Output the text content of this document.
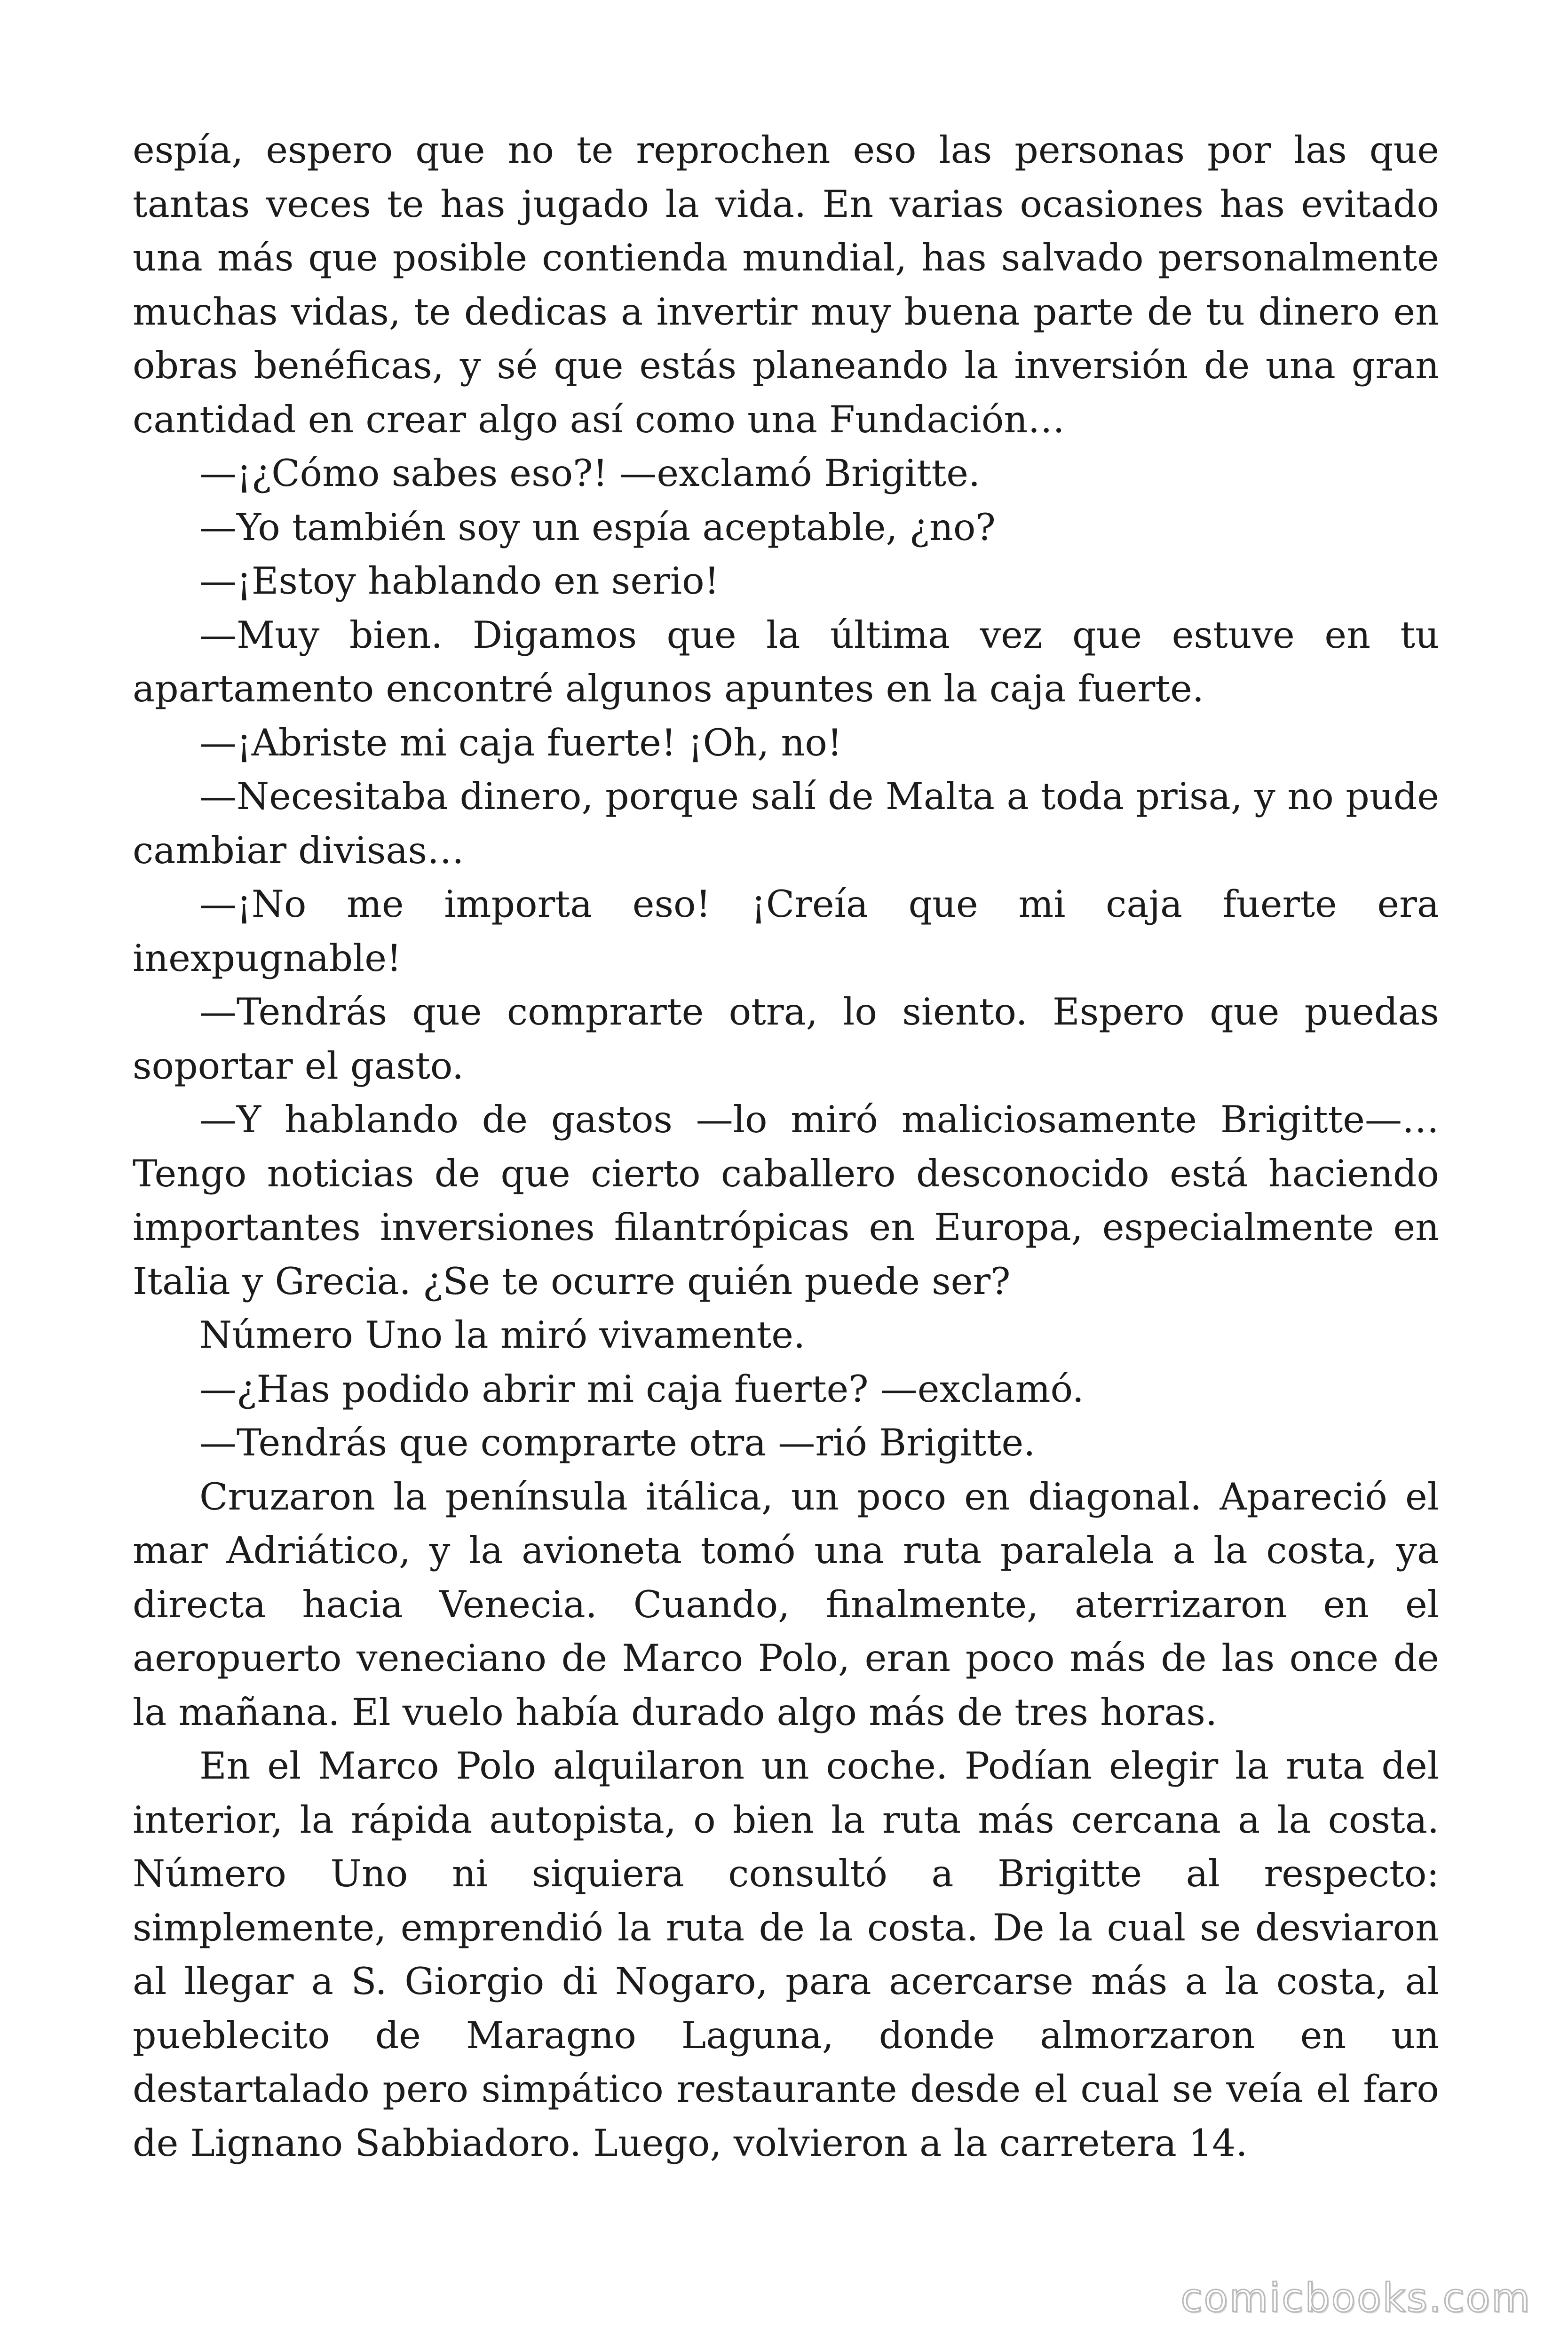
espía, espero que no te reprochen eso las personas por las que tantas veces te has jugado la vida. En varias ocasiones has evitado una más que posible contienda mundial, has salvado personalmente muchas vidas, te dedicas a invertir muy buena parte de tu dinero en obras benéficas, y sé que estás planeando la inversión de una gran cantidad en crear algo así como una Fundación…

—¡¿Cómo sabes eso?! —exclamó Brigitte.

—Yo también soy un espía aceptable, ¿no?

—¡Estoy hablando en serio!

—Muy bien. Digamos que la última vez que estuve en tu apartamento encontré algunos apuntes en la caja fuerte.

—¡Abriste mi caja fuerte! ¡Oh, no!

—Necesitaba dinero, porque salí de Malta a toda prisa, y no pude cambiar divisas…

—¡No me importa eso! ¡Creía que mi caja fuerte era inexpugnable!

—Tendrás que comprarte otra, lo siento. Espero que puedas soportar el gasto.

—Y hablando de gastos —lo miró maliciosamente Brigitte—… Tengo noticias de que cierto caballero desconocido está haciendo importantes inversiones filantrópicas en Europa, especialmente en Italia y Grecia. ¿Se te ocurre quién puede ser?

Número Uno la miró vivamente.

—¿Has podido abrir mi caja fuerte? —exclamó.

—Tendrás que comprarte otra —rió Brigitte.

Cruzaron la península itálica, un poco en diagonal. Apareció el mar Adriático, y la avioneta tomó una ruta paralela a la costa, ya directa hacia Venecia. Cuando, finalmente, aterrizaron en el aeropuerto veneciano de Marco Polo, eran poco más de las once de la mañana. El vuelo había durado algo más de tres horas.

En el Marco Polo alquilaron un coche. Podían elegir la ruta del interior, la rápida autopista, o bien la ruta más cercana a la costa. Número Uno ni siquiera consultó a Brigitte al respecto: simplemente, emprendió la ruta de la costa. De la cual se desviaron al llegar a S. Giorgio di Nogaro, para acercarse más a la costa, al pueblecito de Maragno Laguna, donde almorzaron en un destartalado pero simpático restaurante desde el cual se veía el faro de Lignano Sabbiadoro. Luego, volvieron a la carretera 14.

comicbooks.com
